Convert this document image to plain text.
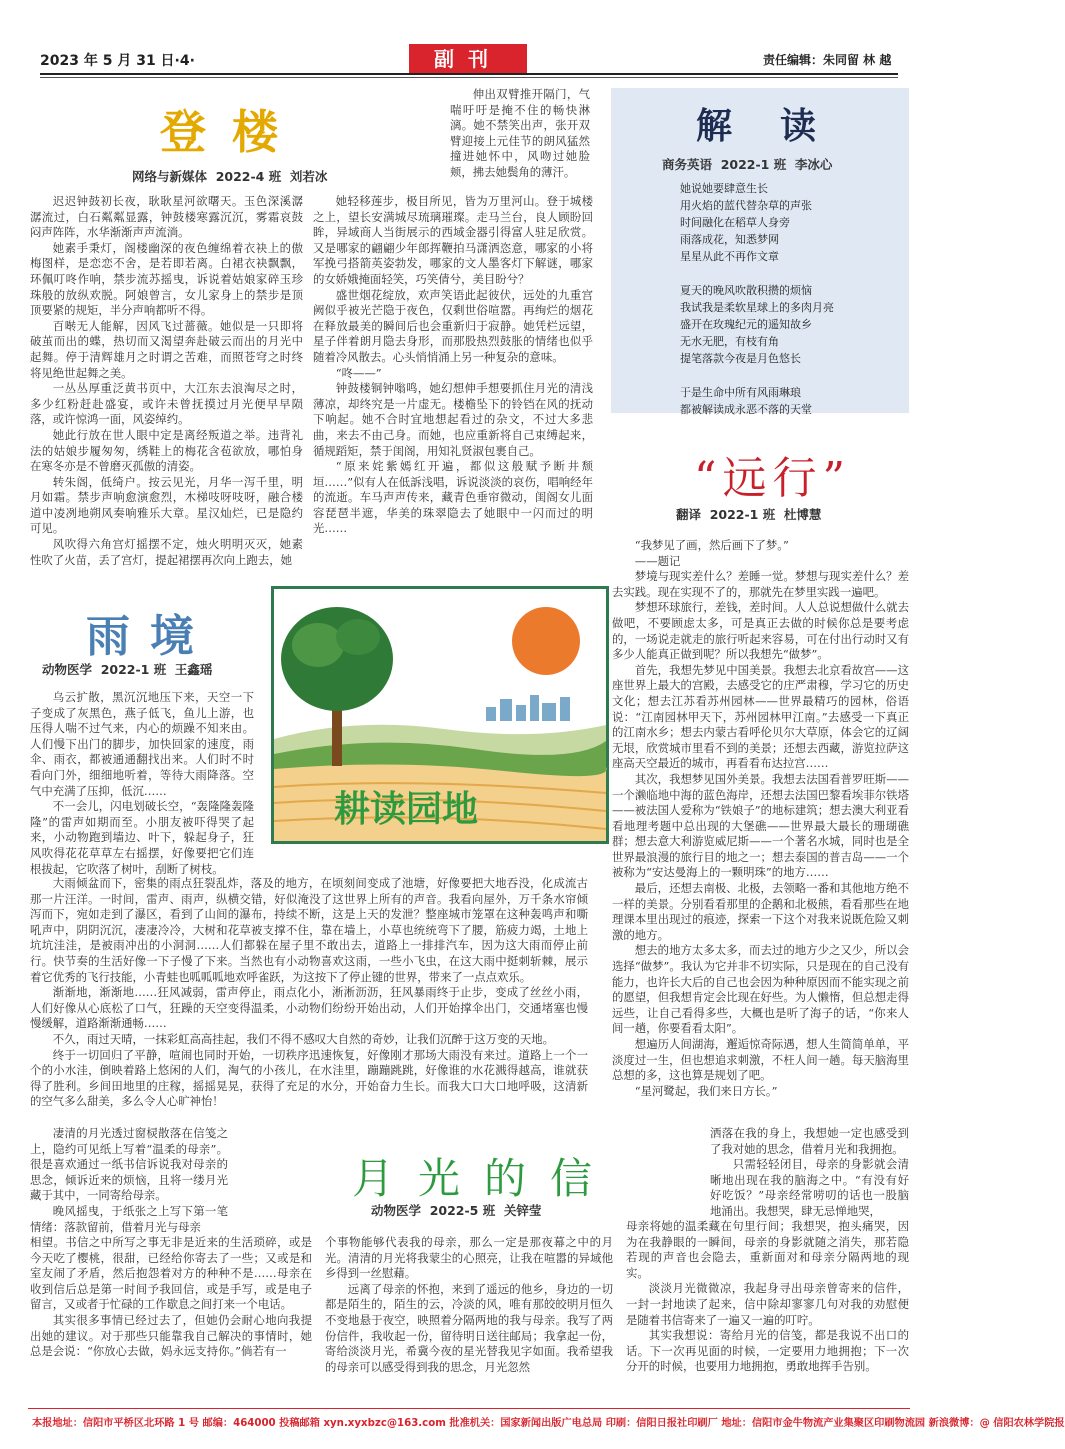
2023 年 5 月 31 日·4·	副刊	责任编辑：朱同留 林 越
登楼
网络与新媒体  2022-4 班  刘若冰

迟迟钟鼓初长夜，耿耿星河欲曙天。玉色深溪潺潺流过，白石粼粼显露，钟鼓楼寒露沉沉，雾霜哀鼓闷声阵阵，水华渐渐声声流淌。

她素手秉灯，阁楼幽深的夜色缠绵着衣袂上的傲梅图样，是恋恋不舍，是若即若离。白裙衣袂飘飘，环佩叮咚作响，禁步流苏摇曳，诉说着姑娘家碎玉珍珠般的放纵欢脱。阿娘曾言，女儿家身上的禁步是顶顶要紧的规矩，半分声响都听不得。

百啭无人能解，因风飞过蔷薇。她似是一只即将破茧而出的蝶，热切而又渴望奔赴破云而出的月光中起舞。停于清辉雄月之时谓之苦难，而照苍穹之时终将见绝世起舞之美。

一丛丛厚重泛黄书页中，大江东去浪淘尽之时，多少红粉赶赴盛宴，或许未曾抚摸过月光便早早陨落，或许惊鸿一面，风姿绰约。

她此行放在世人眼中定是离经叛道之举。违背礼法的姑娘步履匆匆，绣鞋上的梅花含苞欲放，哪怕身在寒冬亦是不曾磨灭孤傲的清姿。

转朱阁，低绮户。按云见光，月华一泻千里，明月如霜。禁步声响愈演愈烈，木梯吱呀吱呀，融合楼道中凌冽地朔风奏响雅乐大章。星汉灿烂，已是隐约可见。

风吹得六角宫灯摇摆不定，烛火明明灭灭，她素性吹了火苗，丢了宫灯，提起裙摆再次向上跑去，她

伸出双臂推开隔门，气喘吁吁是掩不住的畅快淋漓。她不禁笑出声，张开双臂迎接上元佳节的朗风猛然撞进她怀中，风吻过她脸颊，拂去她鬓角的薄汗。

她轻移莲步，极目所见，皆为万里河山。登于城楼之上，望长安满城尽琉璃璀璨。走马兰台，良人顾盼回眸，异域商人当街展示的西域金器引得富人驻足欣赏。又是哪家的翩翩少年郎挥鞭拍马潇洒恣意，哪家的小将军挽弓搭箭英姿勃发，哪家的文人墨客灯下解谜，哪家的女娇娥掩面轻笑，巧笑倩兮，美目盼兮？

盛世烟花绽放，欢声笑语此起彼伏，远处的九重宫阙似乎被光芒隐于夜色，仅剩世俗喧嚣。再绚烂的烟花在释放最美的瞬间后也会重新归于寂静。她凭栏远望，星子伴着朗月隐去身形，而那股热烈鼓胀的情绪也似乎随着冷风散去。心头悄悄涌上另一种复杂的意味。

“咚——”

钟鼓楼铜钟嗡鸣，她幻想伸手想要抓住月光的清浅薄凉，却终究是一片虚无。楼檐坠下的铃铛在风的抚动下响起。她不合时宜地想起看过的杂文，不过大多悲曲，来去不由己身。而她，也应重新将自己束缚起来，循规蹈矩，禁于闺阁，用知礼贤淑包裹自己。

“原来姹紫嫣红开遍，都似这般赋予断井颓垣……”似有人在低訴浅唱，诉说淡淡的哀伤，唱响经年的流逝。车马声声传来，藏青色垂帘微动，闺阁女儿面容琵琶半遮，华美的珠翠隐去了她眼中一闪而过的明光……

解读
商务英语  2022-1 班  李冰心
她说她要肆意生长
用火焰的蓝代替杂草的声张
时间融化在稻草人身旁
雨落成花，知悉梦网
星星从此不再作文章

夏天的晚风吹散积攒的烦恼
我试我是柔软星球上的多肉月亮
盛开在玫瑰纪元的遥知故乡
无水无肥，有枝有角
提笔落款今夜是月色悠长

于是生命中所有风雨琳琅
都被解读成永恶不落的天堂
“远行”
翻译  2022-1 班  杜博慧

“我梦见了画，然后画下了梦。”

——题记

梦境与现实差什么？差睡一觉。梦想与现实差什么？差去实践。现在实现不了的，那就先在梦里实践一遍吧。

梦想环球旅行，差钱，差时间。人人总说想做什么就去做吧，不要顾虑太多，可是真正去做的时候你总是要考虑的，一场说走就走的旅行听起来容易，可在付出行动时又有多少人能真正做到呢？所以我想先“做梦”。

首先，我想先梦见中国美景。我想去北京看故宫——这座世界上最大的宫殿，去感受它的庄严肃穆，学习它的历史文化；想去江苏看苏州园林——世界最精巧的园林，俗语说：“江南园林甲天下，苏州园林甲江南。”去感受一下真正的江南水乡；想去内蒙古看呼伦贝尔大草原，体会它的辽阔无垠，欣赏城市里看不到的美景；还想去西藏，游览拉萨这座高天空最近的城市，再看看布达拉宫……

其次，我想梦见国外美景。我想去法国看普罗旺斯——一个濑临地中海的蓝色海岸，还想去法国巴黎看埃菲尔铁塔——被法国人爱称为“铁娘子”的地标建筑；想去澳大利亚看看地理考题中总出现的大堡礁——世界最大最长的珊瑚礁群；想去意大利游览威尼斯——一个著名水城，同时也是全世界最浪漫的旅行目的地之一；想去泰国的普吉岛——一个被称为“安达曼海上的一颗明珠”的地方……

最后，还想去南极、北极，去领略一番和其他地方绝不一样的美景。分别看看那里的企鹅和北极熊，看看那些在地理课本里出现过的痕迹，探索一下这个对我来说既危险又刺激的地方。

想去的地方太多太多，而去过的地方少之又少，所以会选择“做梦”。我认为它并非不切实际，只是现在的自己没有能力，也许长大后的自己也会因为种种原因而不能实现之前的愿望，但我想肯定会比现在好些。为人懒惰，但总想走得远些，让自己看得多些，大概也是听了海子的话，“你来人间一趟，你要看看太阳”。

想遍历人间湖海，邂逅惊奇际遇，想人生简简单单，平淡度过一生，但也想追求刺激，不枉人间一趟。每天脑海里总想的多，这也算是规划了吧。

“星河鹭起，我们来日方长。”

雨境
动物医学  2022-1 班  王鑫瑶

乌云扩散，黑沉沉地压下来，天空一下子变成了灰黑色，燕子低飞，鱼儿上游，也压得人喘不过气来，内心的烦躁不知来由。人们慢下出门的脚步，加快回家的速度，雨伞、雨衣，都被通通翻找出来。人们时不时看向门外，细细地听着，等待大雨降落。空气中充满了压抑，低沉……

不一会儿，闪电划破长空，“轰隆隆轰隆隆”的雷声如期而至。小朋友被吓得哭了起来，小动物跑到墙边、叶下，躲起身子，狂风吹得花花草草左右摇摆，好像要把它们连根拔起，它吹落了树叶，刮断了树枝。

大雨倾盆而下，密集的雨点狂裂乱炸，落及的地方，在顷刻间变成了池塘，好像要把大地吞没，化成流古那一片汪洋。一时间，雷声、雨声，纵横交错，好似淹没了这世界上所有的声音。我看向屋外，万千条水帘倾泻而下，宛如走到了瀑区，看到了山间的瀑布，持续不断，这是上天的发泄？整座城市笼罩在这种轰鸣声和嘶吼声中，阴阴沉沉，凄凄冷冷，大树和花草被支撑不住，靠在墙上，小草也统统弯下了腰，筋疲力竭，土地上坑坑洼洼，是被雨冲出的小洞洞……人们都躲在屋子里不敢出去，道路上一排排汽车，因为这大雨而停止前行。快节奏的生活好像一下子慢了下来。当然也有小动物喜欢这雨，一些小飞虫，在这大雨中挺刺斩棘，展示着它优秀的飞行技能，小青蛙也呱呱呱地欢呼雀跃，为这按下了停止键的世界，带来了一点点欢乐。

渐渐地，渐渐地……狂风减弱，雷声停止，雨点化小，淅淅沥沥，狂风暴雨终于止步，变成了丝丝小雨，人们好像从心底松了口气，狂躁的天空变得温柔，小动物们纷纷开始出动，人们开始撑伞出门，交通堵塞也慢慢缓解，道路渐渐通畅……

不久，雨过天晴，一抹彩虹高高挂起，我们不得不感叹大自然的奇妙，让我们沉醉于这万变的天地。

终于一切回归了平静，喧闹也同时开始，一切秩序迅速恢复，好像刚才那场大雨没有来过。道路上一个一个的小水洼，倒映着路上悠闲的人们，淘气的小孩儿，在水洼里，蹦蹦跳跳，好像谁的水花溅得越高，谁就获得了胜利。乡间田地里的庄稼，摇摇晃晃，获得了充足的水分，开始奋力生长。而我大口大口地呼吸，这清新的空气多么甜美，多么令人心旷神怡！

耕读园地
月光的信
动物医学  2022-5 班  关锌莹

凄清的月光透过窗棂散落在信笺之上，隐约可见纸上写着“温柔的母亲”。很是喜欢通过一纸书信诉说我对母亲的思念，倾诉近来的烦恼，且将一缕月光藏于其中，一同寄给母亲。

晚风摇曳，于纸张之上写下第一笔情绪：落款留前，借着月光与母亲

相望。书信之中所写之事无非是近来的生活琐碎，或是今天吃了樱桃，很甜，已经给你寄去了一些；又或是和室友闹了矛盾，然后抱怨着对方的种种不是……母亲在收到信后总是第一时间予我回信，或是手写，或是电子留言，又或者于忙碌的工作歇息之间打来一个电话。

其实很多事情已经过去了，但她仍会耐心地向我提出她的建议。对于那些只能靠我自己解决的事情时，她总是会说：“你放心去做，妈永远支持你。”倘若有一

个事物能够代表我的母亲，那么一定是那夜幕之中的月光。清清的月光将我蒙尘的心照亮，让我在喧嚣的异域他乡得到一丝慰藉。

远离了母亲的怀抱，来到了遥远的他乡，身边的一切都是陌生的，陌生的云，冷淡的风，唯有那皎皎明月恒久不变地悬于夜空，映照着分隔两地的我与母亲。我写了两份信件，我收起一份，留待明日送往邮局；我拿起一份，寄给淡淡月光，希冀今夜的星光替我见字如面。我希望我的母亲可以感受得到我的思念，月光忽然

洒落在我的身上，我想她一定也感受到了我对她的思念，借着月光和我拥抱。

只需轻轻闭目，母亲的身影就会清晰地出现在我的脑海之中。“有没有好好吃饭？”母亲经常唠叨的话也一股脑地涌出。我想哭，肆无忌惮地哭，

母亲将她的温柔藏在句里行间；我想哭，抱头痛哭，因为在我静眼的一瞬间，母亲的身影就随之消失，那若隐若现的声音也会隐去，重新面对和母亲分隔两地的现实。

淡淡月光微微凉，我起身寻出母亲曾寄来的信件，一封一封地读了起来，信中除却寥寥几句对我的劝慰便是随着书信寄来了一遍又一遍的叮咛。

其实我想说：寄给月光的信笺，都是我说不出口的话。下一次再见面的时候，一定要用力地拥抱；下一次分开的时候，也要用力地拥抱，勇敢地挥手告别。

本报地址：信阳市平桥区北环路 1 号 邮编：464000 投稿邮箱 xyn.xyxbzc@163.com 批准机关：国家新闻出版广电总局 印刷：信阳日报社印刷厂 地址：信阳市金牛物流产业集聚区印刷物流园 新浪微博：@ 信阳农林学院报
